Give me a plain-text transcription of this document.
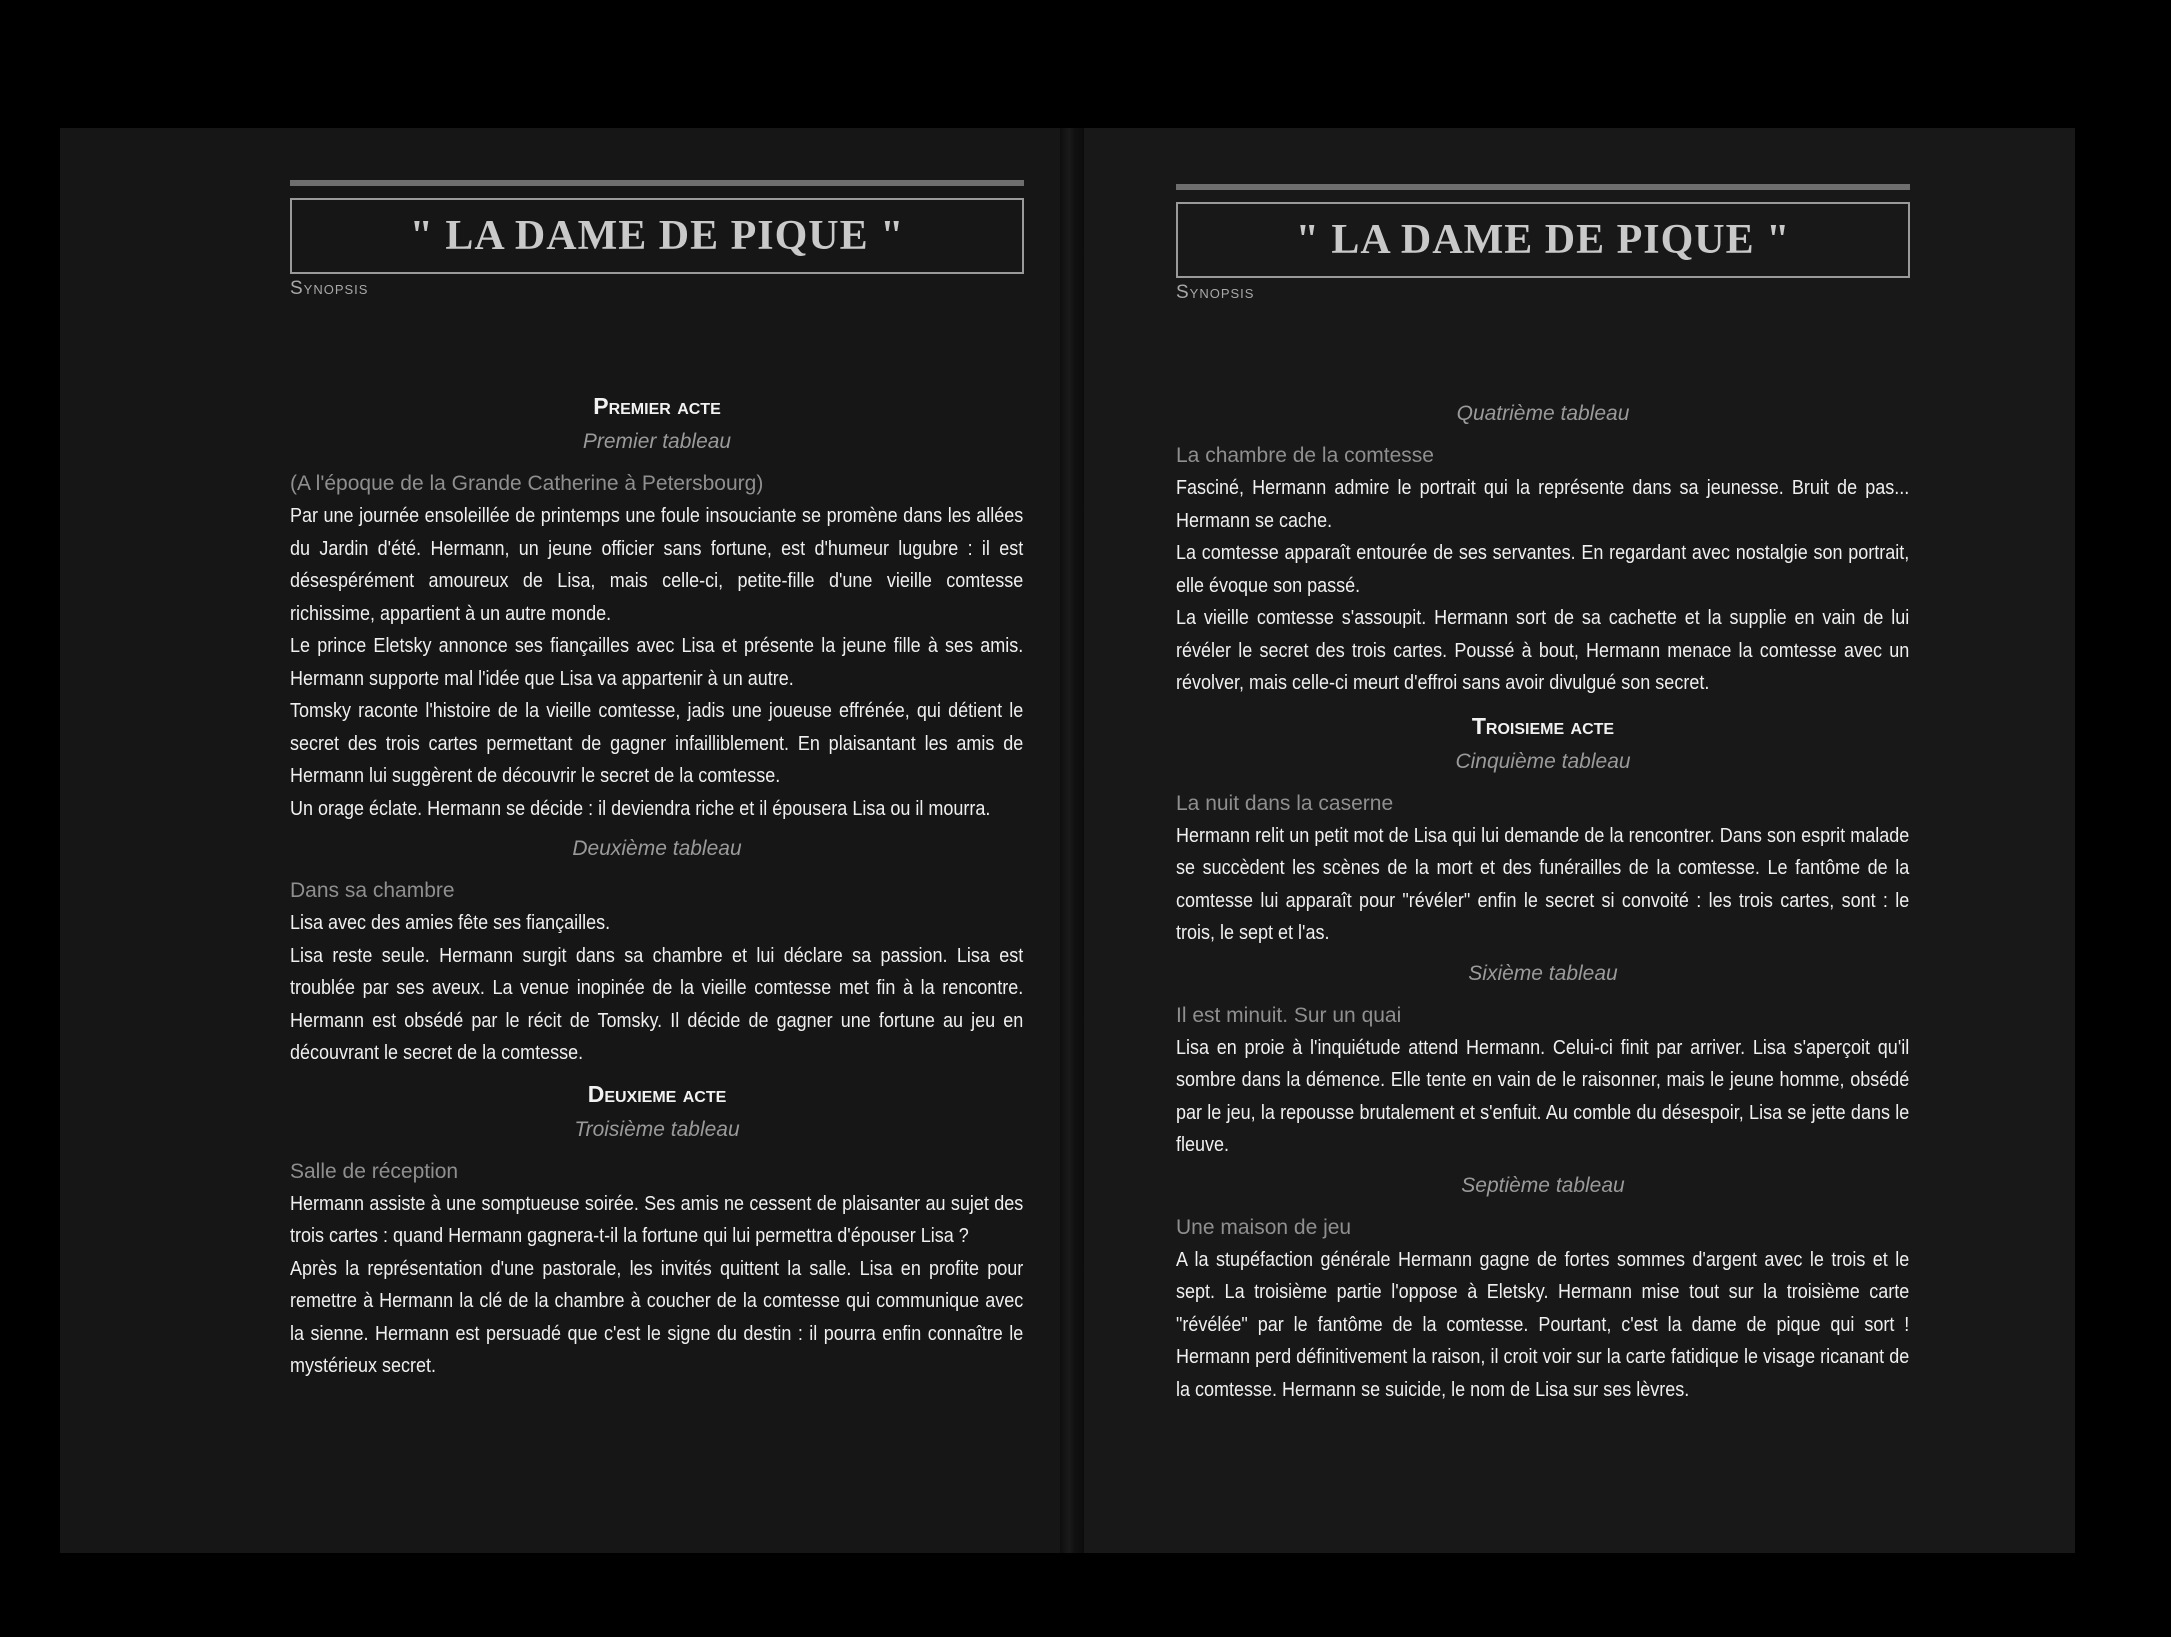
" LA DAME DE PIQUE "
Synopsis
Premier acte
Premier tableau
(A l'époque de la Grande Catherine à Petersbourg)

Par une journée ensoleillée de printemps une foule insouciante se promène dans les allées du Jardin d'été. Hermann, un jeune officier sans fortune, est d'humeur lugubre : il est désespérément amoureux de Lisa, mais celle-ci, petite-fille d'une vieille comtesse richissime, appartient à un autre monde.

Le prince Eletsky annonce ses fiançailles avec Lisa et présente la jeune fille à ses amis. Hermann supporte mal l'idée que Lisa va appartenir à un autre.

Tomsky raconte l'histoire de la vieille comtesse, jadis une joueuse effrénée, qui détient le secret des trois cartes permettant de gagner infailliblement. En plaisantant les amis de Hermann lui suggèrent de découvrir le secret de la comtesse.

Un orage éclate. Hermann se décide : il deviendra riche et il épousera Lisa ou il mourra.

Deuxième tableau
Dans sa chambre

Lisa avec des amies fête ses fiançailles.

Lisa reste seule. Hermann surgit dans sa chambre et lui déclare sa passion. Lisa est troublée par ses aveux. La venue inopinée de la vieille comtesse met fin à la rencontre. Hermann est obsédé par le récit de Tomsky. Il décide de gagner une fortune au jeu en découvrant le secret de la comtesse.

Deuxieme acte
Troisième tableau
Salle de réception

Hermann assiste à une somptueuse soirée. Ses amis ne cessent de plaisanter au sujet des trois cartes : quand Hermann gagnera-t-il la fortune qui lui permettra d'épouser Lisa ?

Après la représentation d'une pastorale, les invités quittent la salle. Lisa en profite pour remettre à Hermann la clé de la chambre à coucher de la comtesse qui communique avec la sienne. Hermann est persuadé que c'est le signe du destin : il pourra enfin connaître le mystérieux secret.

" LA DAME DE PIQUE "
Synopsis
Quatrième tableau
La chambre de la comtesse

Fasciné, Hermann admire le portrait qui la représente dans sa jeunesse. Bruit de pas... Hermann se cache.

La comtesse apparaît entourée de ses servantes. En regardant avec nostalgie son portrait, elle évoque son passé.

La vieille comtesse s'assoupit. Hermann sort de sa cachette et la supplie en vain de lui révéler le secret des trois cartes. Poussé à bout, Hermann menace la comtesse avec un révolver, mais celle-ci meurt d'effroi sans avoir divulgué son secret.

Troisieme acte
Cinquième tableau
La nuit dans la caserne

Hermann relit un petit mot de Lisa qui lui demande de la rencontrer. Dans son esprit malade se succèdent les scènes de la mort et des funérailles de la comtesse. Le fantôme de la comtesse lui apparaît pour "révéler" enfin le secret si convoité : les trois cartes, sont : le trois, le sept et l'as.

Sixième tableau
Il est minuit. Sur un quai

Lisa en proie à l'inquiétude attend Hermann. Celui-ci finit par arriver. Lisa s'aperçoit qu'il sombre dans la démence. Elle tente en vain de le raisonner, mais le jeune homme, obsédé par le jeu, la repousse brutalement et s'enfuit. Au comble du désespoir, Lisa se jette dans le fleuve.

Septième tableau
Une maison de jeu

A la stupéfaction générale Hermann gagne de fortes sommes d'argent avec le trois et le sept. La troisième partie l'oppose à Eletsky. Hermann mise tout sur la troisième carte "révélée" par le fantôme de la comtesse. Pourtant, c'est la dame de pique qui sort ! Hermann perd définitivement la raison, il croit voir sur la carte fatidique le visage ricanant de la comtesse. Hermann se suicide, le nom de Lisa sur ses lèvres.
